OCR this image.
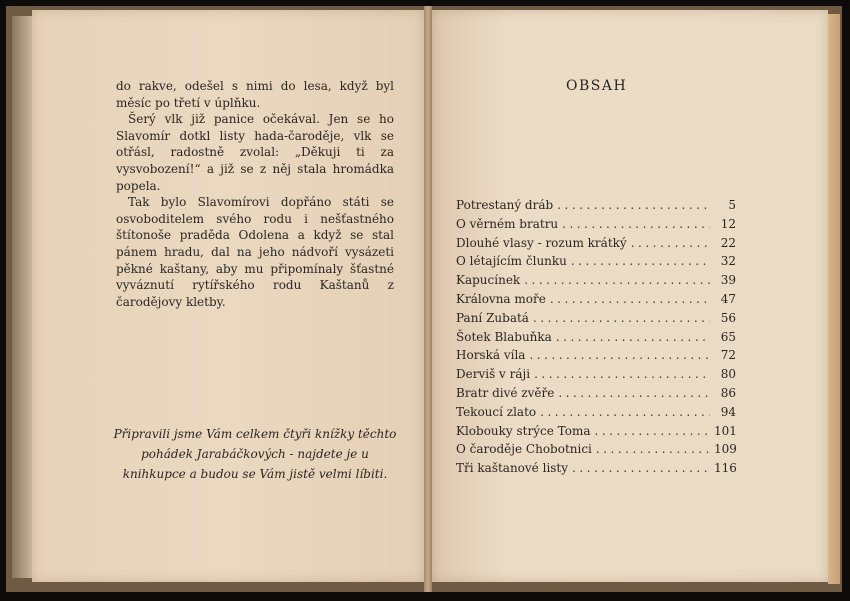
do rakve, odešel s nimi do lesa, když byl měsíc po třetí v úplňku.

Šerý vlk již panice očekával. Jen se ho Slavomír dotkl listy hada-čaroděje, vlk se otřásl, radostně zvolal: „Děkuji ti za vysvobození!“ a již se z něj stala hromádka popela.

Tak bylo Slavomírovi dopřáno státi se osvoboditelem svého rodu i nešťastného štítonoše praděda Odolena a když se stal pánem hradu, dal na jeho nádvoří vysázeti pěkné kaštany, aby mu připomínaly šťastné vyváznutí rytířského rodu Kaštanů z čarodějovy kletby.

Připravili jsme Vám celkem čtyři knížky těchto pohádek Jarabáčkových - najdete je u knihkupce a budou se Vám jistě velmi líbiti.
OBSAH
Potrestaný dráb .....	5
O věrném bratru .....	12
Dlouhé vlasy - rozum krátký .....	22
O létajícím člunku .....	32
Kapucínek .....	39
Královna moře .....	47
Paní Zubatá .....	56
Šotek Blabuňka .....	65
Horská víla .....	72
Derviš v ráji .....	80
Bratr divé zvěře .....	86
Tekoucí zlato .....	94
Klobouky strýce Toma .....	101
O čaroděje Chobotnici .....	109
Tři kaštanové listy .....	116
